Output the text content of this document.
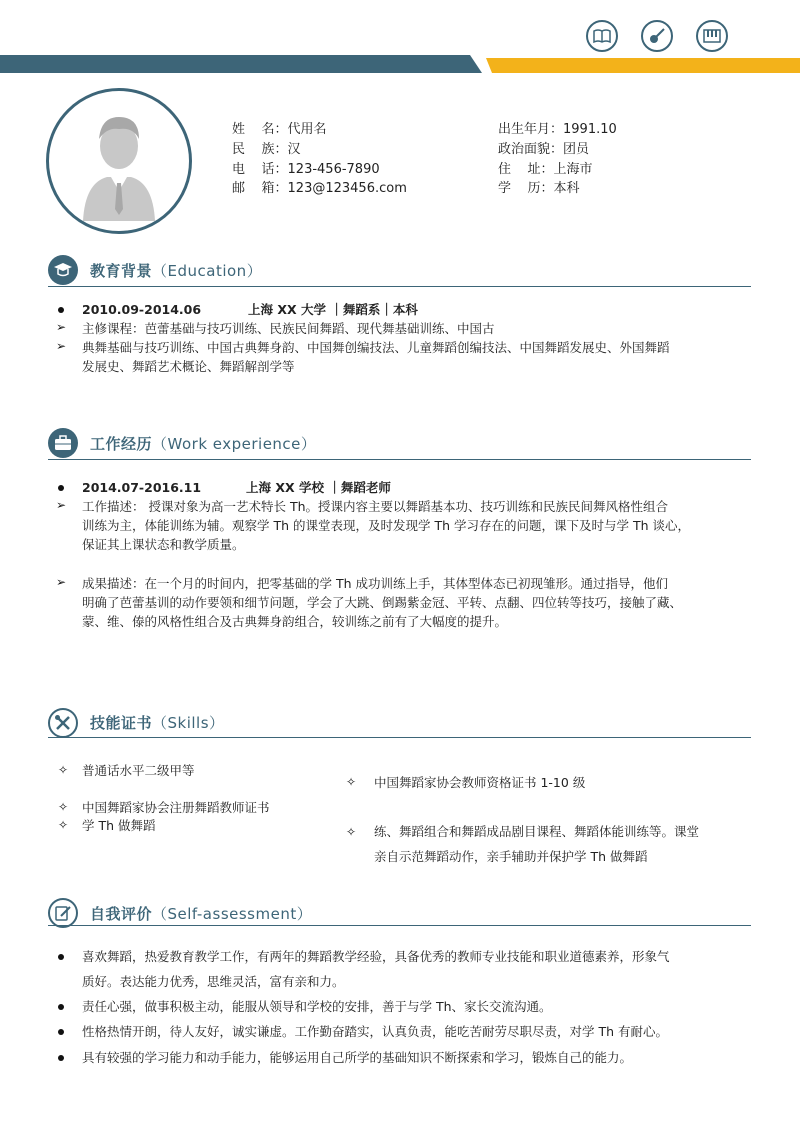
姓    名：代用名
民    族：汉
电    话：123-456-7890
邮    箱：123@123456.com
出生年月：1991.10
政治面貌：团员
住    址：上海市
学    历：本科
教育背景（Education）
2010.09-2014.06	上海 XX 大学 ｜舞蹈系｜本科
➢ 主修课程：芭蕾基础与技巧训练、民族民间舞蹈、现代舞基础训练、中国古
➢ 典舞基础与技巧训练、中国古典舞身韵、中国舞创编技法、儿童舞蹈创编技法、中国舞蹈发展史、外国舞蹈
发展史、舞蹈艺术概论、舞蹈解剖学等
工作经历（Work experience）
2014.07-2016.11	上海 XX 学校 ｜舞蹈老师
➢ 工作描述： 授课对象为高一艺术特长 Th。授课内容主要以舞蹈基本功、技巧训练和民族民间舞风格性组合
训练为主，体能训练为辅。观察学 Th 的课堂表现，及时发现学 Th 学习存在的问题，课下及时与学 Th 谈心，
保证其上课状态和教学质量。
➢ 成果描述：在一个月的时间内，把零基础的学 Th 成功训练上手，其体型体态已初现雏形。通过指导，他们
明确了芭蕾基训的动作要领和细节问题，学会了大跳、倒踢紫金冠、平转、点翻、四位转等技巧，接触了藏、
蒙、维、傣的风格性组合及古典舞身韵组合，较训练之前有了大幅度的提升。
技能证书（Skills）
✧ 普通话水平二级甲等
✧ 中国舞蹈家协会注册舞蹈教师证书
✧ 学 Th 做舞蹈
✧ 中国舞蹈家协会教师资格证书 1-10 级
✧ 练、舞蹈组合和舞蹈成品剧目课程、舞蹈体能训练等。课堂
亲自示范舞蹈动作，亲手辅助并保护学 Th 做舞蹈
自我评价（Self-assessment）
喜欢舞蹈，热爱教育教学工作，有两年的舞蹈教学经验，具备优秀的教师专业技能和职业道德素养，形象气
质好。表达能力优秀，思维灵活，富有亲和力。
责任心强，做事积极主动，能服从领导和学校的安排，善于与学 Th、家长交流沟通。
性格热情开朗，待人友好，诚实谦虚。工作勤奋踏实，认真负责，能吃苦耐劳尽职尽责，对学 Th 有耐心。
具有较强的学习能力和动手能力，能够运用自己所学的基础知识不断探索和学习，锻炼自己的能力。
